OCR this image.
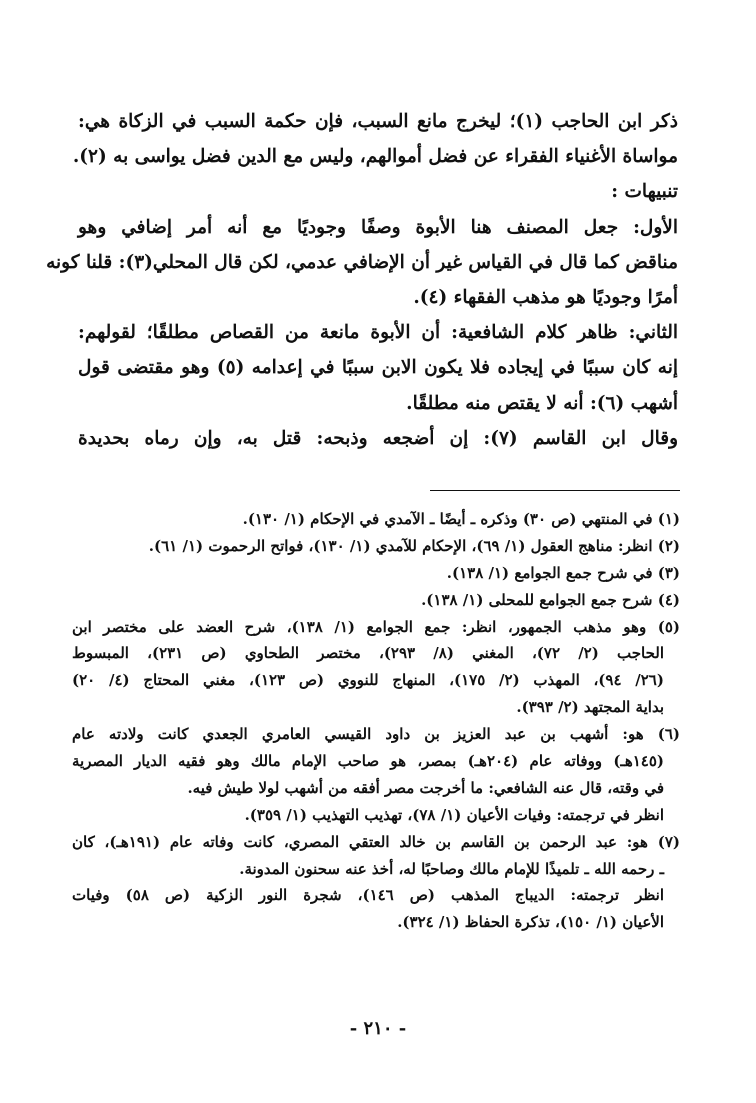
ذكر ابن الحاجب (١)؛ ليخرج مانع السبب، فإن حكمة السبب في الزكاة هي:
مواساة الأغنياء الفقراء عن فضل أموالهم، وليس مع الدين فضل يواسى به (٢).
تنبيهات :
الأول: جعل المصنف هنا الأبوة وصفًا وجوديًا مع أنه أمر إضافي وهو
مناقض كما قال في القياس غير أن الإضافي عدمي، لكن قال المحلي(٣): قلنا كونه
أمرًا وجوديًا هو مذهب الفقهاء (٤).
الثاني: ظاهر كلام الشافعية: أن الأبوة مانعة من القصاص مطلقًا؛ لقولهم:
إنه كان سببًا في إيجاده فلا يكون الابن سببًا في إعدامه (٥) وهو مقتضى قول
أشهب (٦): أنه لا يقتص منه مطلقًا.
وقال ابن القاسم (٧): إن أضجعه وذبحه: قتل به، وإن رماه بحديدة
(١) في المنتهي (ص ٣٠) وذكره ـ أيضًا ـ الآمدي في الإحكام (١/ ١٣٠).
(٢) انظر: مناهج العقول (١/ ٦٩)، الإحكام للآمدي (١/ ١٣٠)، فواتح الرحموت (١/ ٦١).
(٣) في شرح جمع الجوامع (١/ ١٣٨).
(٤) شرح جمع الجوامع للمحلى (١/ ١٣٨).
(٥) وهو مذهب الجمهور، انظر: جمع الجوامع (١/ ١٣٨)، شرح العضد على مختصر ابن
الحاجب (٢/ ٧٢)، المغني (٨/ ٢٩٣)، مختصر الطحاوي (ص ٢٣١)، المبسوط
(٢٦/ ٩٤)، المهذب (٢/ ١٧٥)، المنهاج للنووي (ص ١٢٣)، مغني المحتاج (٤/ ٢٠)
بداية المجتهد (٢/ ٣٩٣).
(٦) هو: أشهب بن عبد العزيز بن داود القيسي العامري الجعدي كانت ولادته عام
(١٤٥هـ) ووفاته عام (٢٠٤هـ) بمصر، هو صاحب الإمام مالك وهو فقيه الديار المصرية
في وقته، قال عنه الشافعي: ما أخرجت مصر أفقه من أشهب لولا طيش فيه.
انظر في ترجمته: وفيات الأعيان (١/ ٧٨)، تهذيب التهذيب (١/ ٣٥٩).
(٧) هو: عبد الرحمن بن القاسم بن خالد العتقي المصري، كانت وفاته عام (١٩١هـ)، كان
ـ رحمه الله ـ تلميذًا للإمام مالك وصاحبًا له، أخذ عنه سحنون المدونة.
انظر ترجمته: الديباج المذهب (ص ١٤٦)، شجرة النور الزكية (ص ٥٨) وفيات
الأعيان (١/ ١٥٠)، تذكرة الحفاظ (١/ ٣٢٤).
- ٢١٠ -
